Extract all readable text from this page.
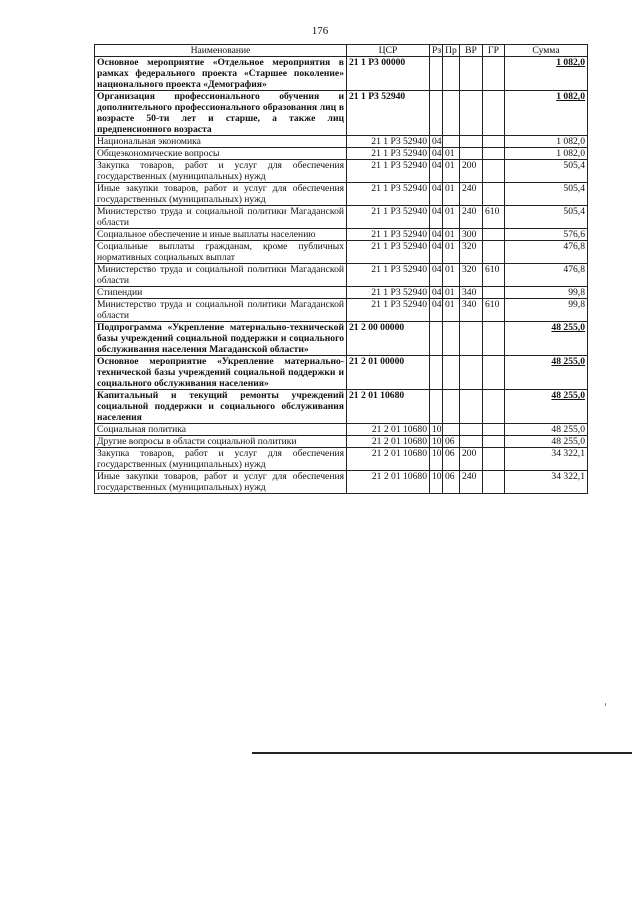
176
Наименование	ЦСР	Рз	Пр	ВР	ГР	Сумма
Основное мероприятие «Отдельное мероприятия в рамках федерального проекта «Старшее поколение» национального проекта «Демография»	21 1 Р3 00000					1 082,0
Организация профессионального обучения и дополнительного профессионального образования лиц в возрасте 50-ти лет и старше, а также лиц предпенсионного возраста	21 1 Р3 52940					1 082,0
Национальная экономика	21 1 Р3 52940	04				1 082,0
Общеэкономические вопросы	21 1 Р3 52940	04	01			1 082,0
Закупка товаров, работ и услуг для обеспечения государственных (муниципальных) нужд	21 1 Р3 52940	04	01	200		505,4
Иные закупки товаров, работ и услуг для обеспечения государственных (муниципальных) нужд	21 1 Р3 52940	04	01	240		505,4
Министерство труда и социальной политики Магаданской области	21 1 Р3 52940	04	01	240	610	505,4
Социальное обеспечение и иные выплаты населению	21 1 Р3 52940	04	01	300		576,6
Социальные выплаты гражданам, кроме публичных нормативных социальных выплат	21 1 Р3 52940	04	01	320		476,8
Министерство труда и социальной политики Магаданской области	21 1 Р3 52940	04	01	320	610	476,8
Стипендии	21 1 Р3 52940	04	01	340		99,8
Министерство труда и социальной политики Магаданской области	21 1 Р3 52940	04	01	340	610	99,8
Подпрограмма «Укрепление материально-технической базы учреждений социальной поддержки и социального обслуживания населения Магаданской области»	21 2 00 00000					48 255,0
Основное мероприятие «Укрепление материально-технической базы учреждений социальной поддержки и социального обслуживания населения»	21 2 01 00000					48 255,0
Капитальный и текущий ремонты учреждений социальной поддержки и социального обслуживания населения	21 2 01 10680					48 255,0
Социальная политика	21 2 01 10680	10				48 255,0
Другие вопросы в области социальной политики	21 2 01 10680	10	06			48 255,0
Закупка товаров, работ и услуг для обеспечения государственных (муниципальных) нужд	21 2 01 10680	10	06	200		34 322,1
Иные закупки товаров, работ и услуг для обеспечения государственных (муниципальных) нужд	21 2 01 10680	10	06	240		34 322,1
